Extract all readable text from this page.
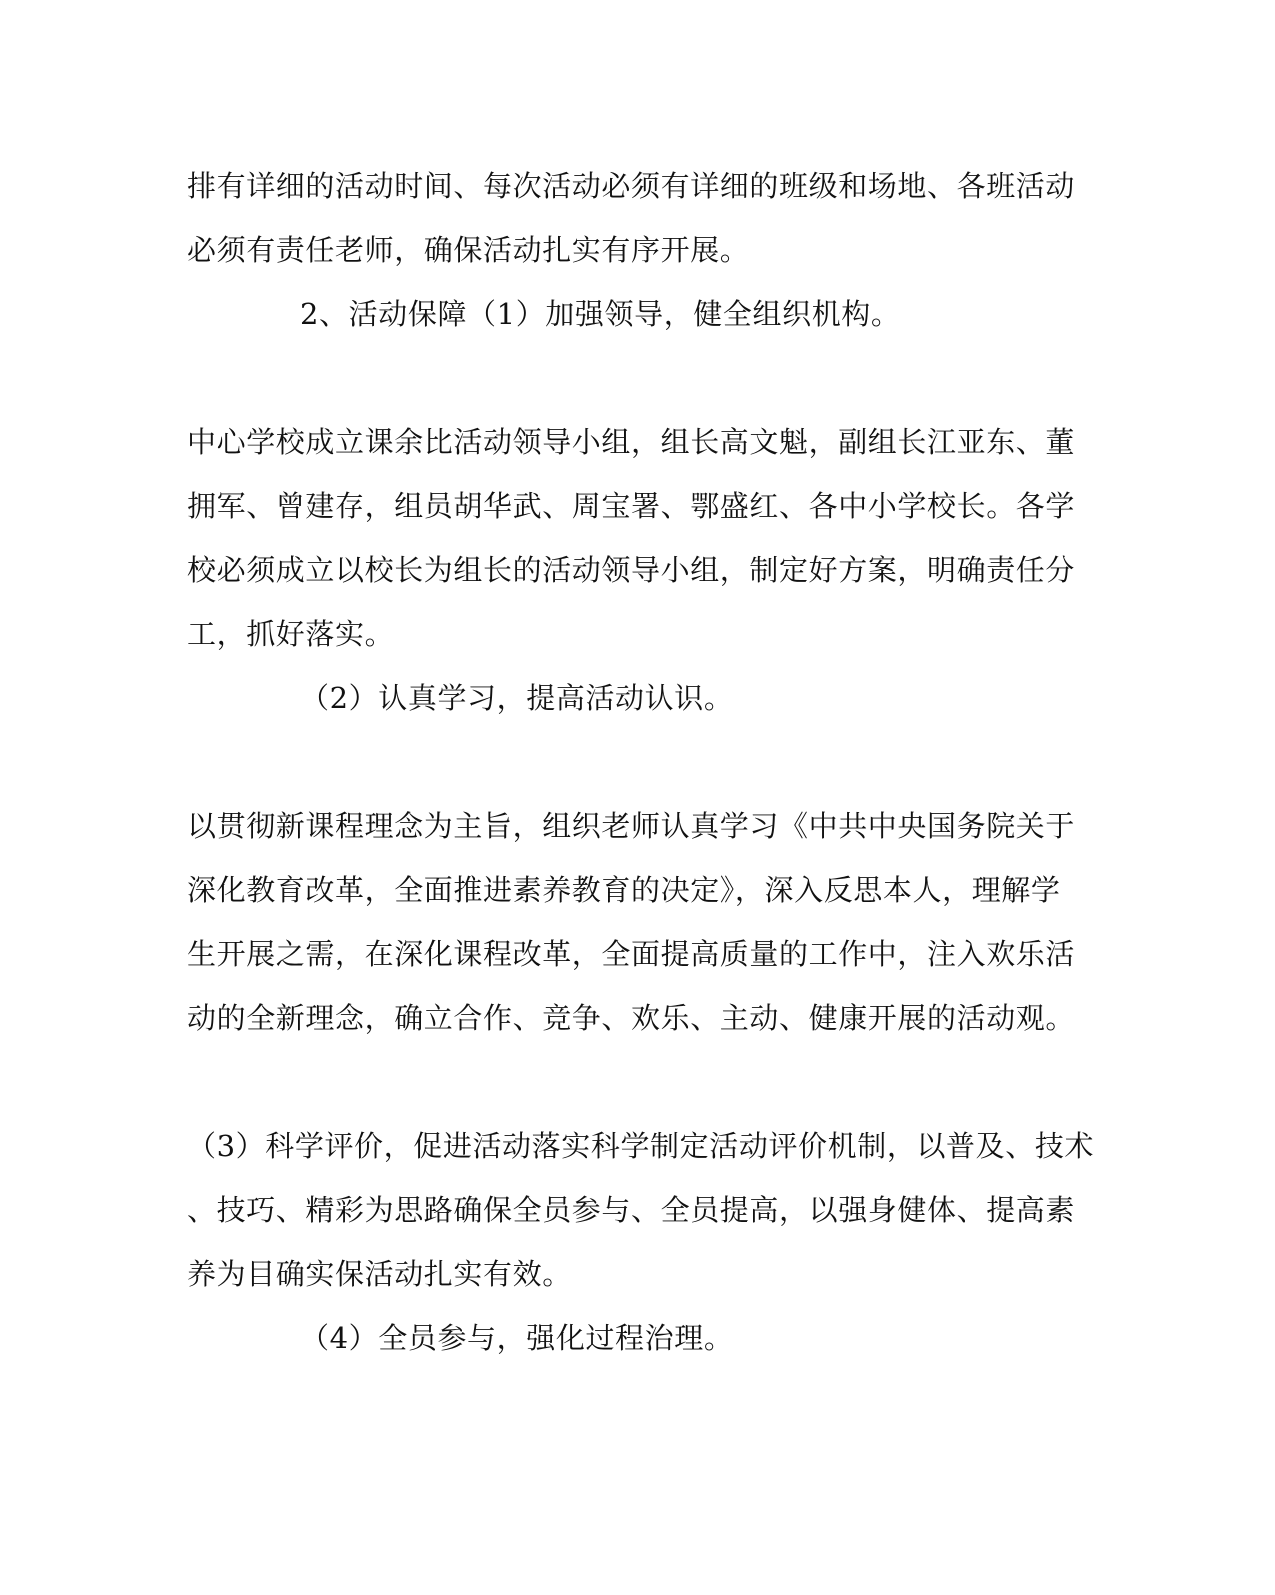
排有详细的活动时间、每次活动必须有详细的班级和场地、各班活动
必须有责任老师，确保活动扎实有序开展。
2、活动保障（1）加强领导，健全组织机构。
中心学校成立课余比活动领导小组，组长高文魁，副组长江亚东、董
拥军、曾建存，组员胡华武、周宝署、鄂盛红、各中小学校长。各学
校必须成立以校长为组长的活动领导小组，制定好方案，明确责任分
工，抓好落实。
（2）认真学习，提高活动认识。
以贯彻新课程理念为主旨，组织老师认真学习《中共中央国务院关于
深化教育改革，全面推进素养教育的决定》，深入反思本人，理解学
生开展之需，在深化课程改革，全面提高质量的工作中，注入欢乐活
动的全新理念，确立合作、竞争、欢乐、主动、健康开展的活动观。
（3）科学评价，促进活动落实科学制定活动评价机制，以普及、技术
、技巧、精彩为思路确保全员参与、全员提高，以强身健体、提高素
养为目确实保活动扎实有效。
（4）全员参与，强化过程治理。
